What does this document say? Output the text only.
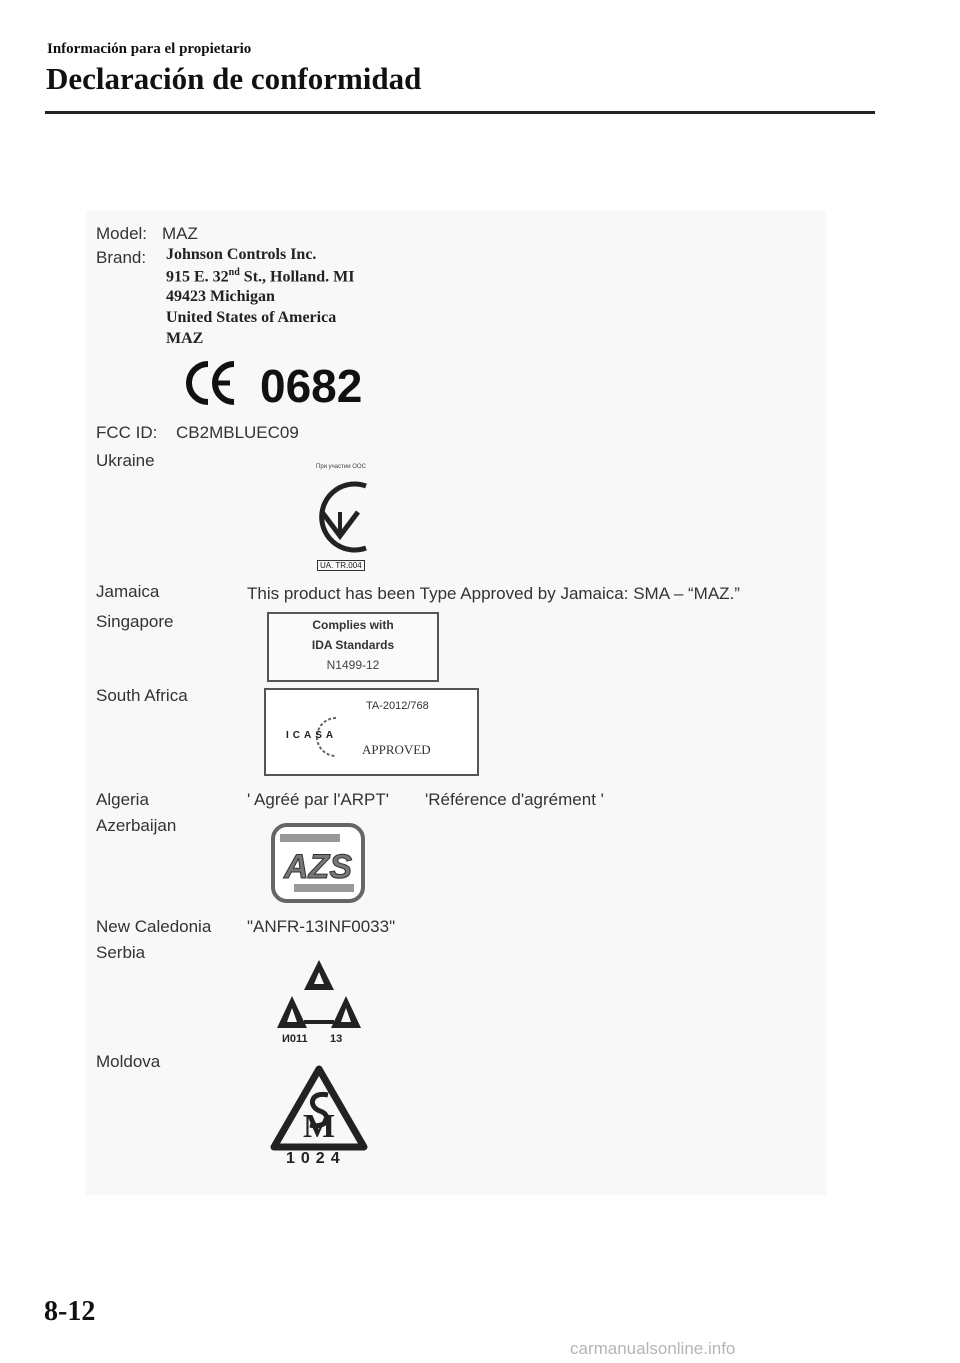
Información para el propietario
Declaración de conformidad
Model: MAZ
Brand: Johnson Controls Inc.
915 E. 32nd St., Holland. MI
49423 Michigan
United States of America
MAZ
0682
FCC ID: CB2MBLUEC09
Ukraine	При участии ООС
UA. TR.004
Jamaica	This product has been Type Approved by Jamaica: SMA – “MAZ.”
Singapore	Complies with
IDA Standards
N1499-12
South Africa
TA-2012/768
ICASA
APPROVED
Algeria	' Agréé par l'ARPT' 'Référence d'agrément '
Azerbaijan
AZS
New Caledonia "ANFR-13INF0033"
Serbia
И011 13
Moldova
M
1024
8-12
carmanualsonline.info
